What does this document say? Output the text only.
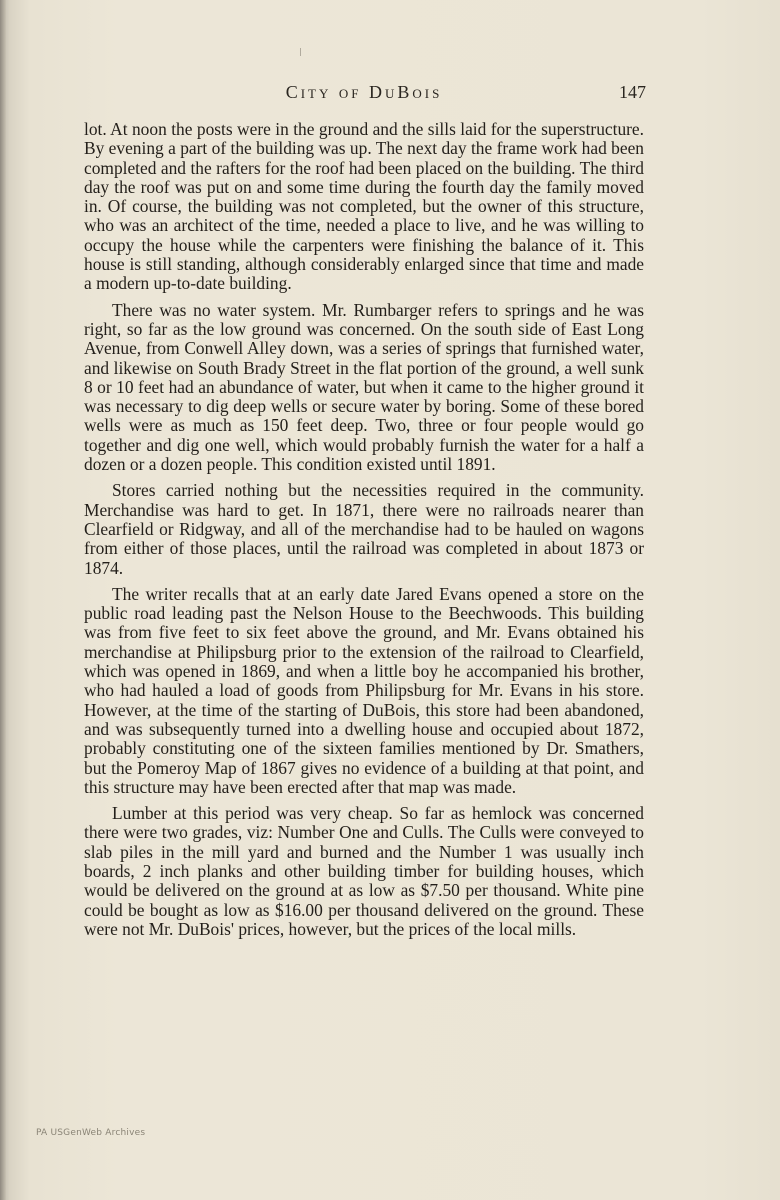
City of DuBois	147

lot. At noon the posts were in the ground and the sills laid for the superstructure. By evening a part of the building was up. The next day the frame work had been completed and the rafters for the roof had been placed on the building. The third day the roof was put on and some time during the fourth day the family moved in. Of course, the building was not completed, but the owner of this structure, who was an architect of the time, needed a place to live, and he was willing to occupy the house while the carpenters were finishing the balance of it. This house is still standing, although considerably enlarged since that time and made a modern up-to-date building.

There was no water system. Mr. Rumbarger refers to springs and he was right, so far as the low ground was concerned. On the south side of East Long Avenue, from Conwell Alley down, was a series of springs that furnished water, and likewise on South Brady Street in the flat portion of the ground, a well sunk 8 or 10 feet had an abundance of water, but when it came to the higher ground it was necessary to dig deep wells or secure water by boring. Some of these bored wells were as much as 150 feet deep. Two, three or four people would go together and dig one well, which would probably furnish the water for a half a dozen or a dozen people. This condition existed until 1891.

Stores carried nothing but the necessities required in the community. Merchandise was hard to get. In 1871, there were no railroads nearer than Clearfield or Ridgway, and all of the merchandise had to be hauled on wagons from either of those places, until the railroad was completed in about 1873 or 1874.

The writer recalls that at an early date Jared Evans opened a store on the public road leading past the Nelson House to the Beechwoods. This building was from five feet to six feet above the ground, and Mr. Evans obtained his merchandise at Philipsburg prior to the extension of the railroad to Clearfield, which was opened in 1869, and when a little boy he accompanied his brother, who had hauled a load of goods from Philipsburg for Mr. Evans in his store. However, at the time of the starting of DuBois, this store had been abandoned, and was subsequently turned into a dwelling house and occupied about 1872, probably constituting one of the sixteen families mentioned by Dr. Smathers, but the Pomeroy Map of 1867 gives no evidence of a building at that point, and this structure may have been erected after that map was made.

Lumber at this period was very cheap. So far as hemlock was concerned there were two grades, viz: Number One and Culls. The Culls were conveyed to slab piles in the mill yard and burned and the Number 1 was usually inch boards, 2 inch planks and other building timber for building houses, which would be delivered on the ground at as low as $7.50 per thousand. White pine could be bought as low as $16.00 per thousand delivered on the ground. These were not Mr. DuBois' prices, however, but the prices of the local mills.

PA USGenWeb Archives
